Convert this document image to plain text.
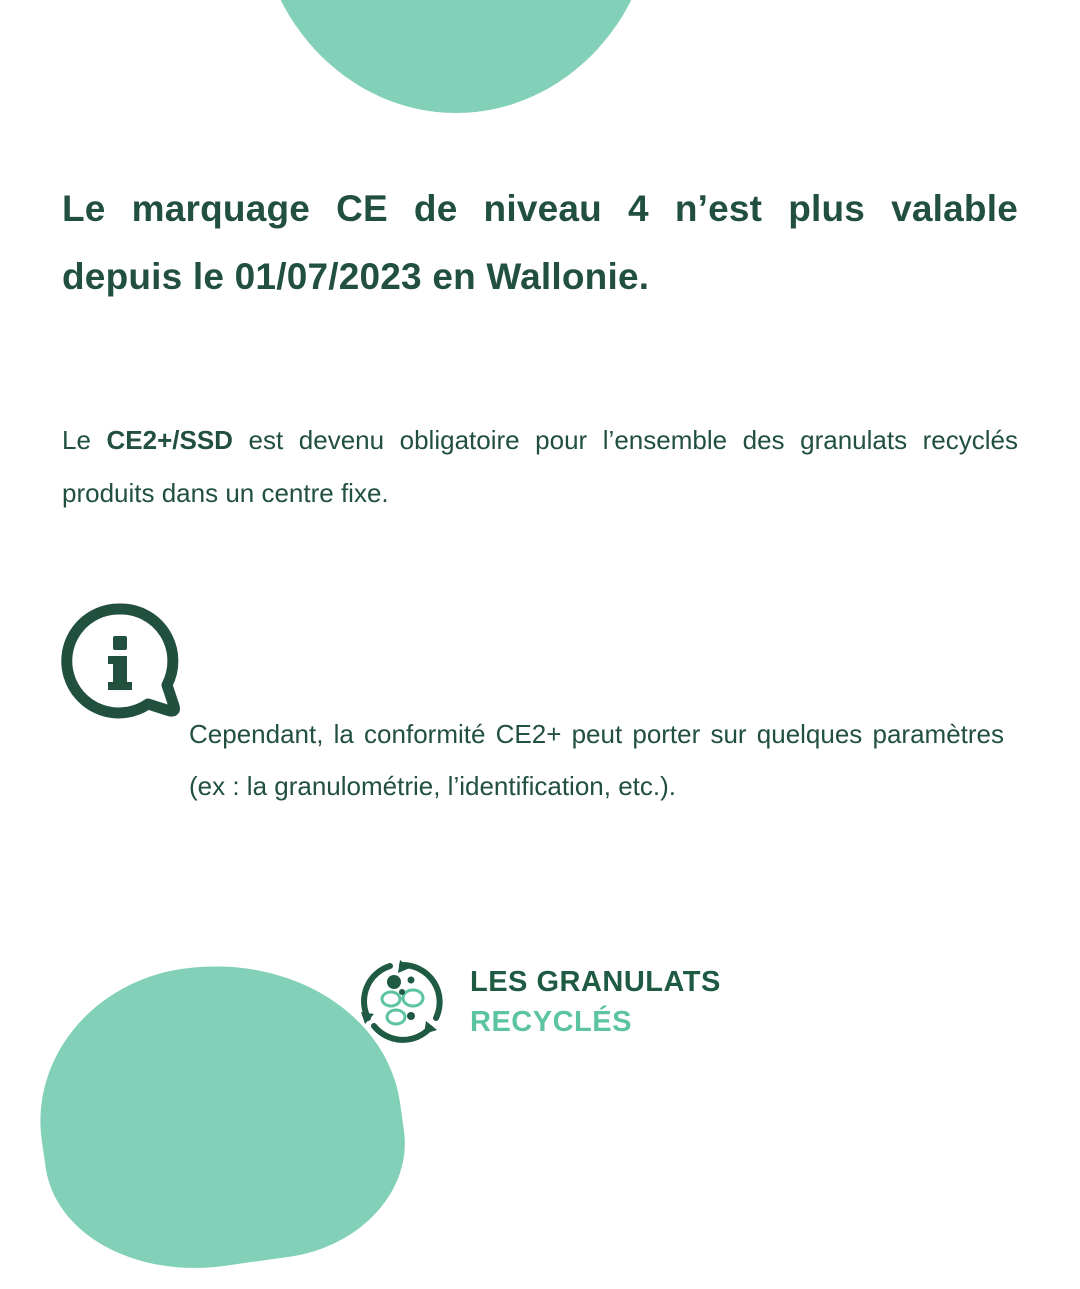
Le marquage CE de niveau 4 n’est plus valable depuis le 01/07/2023 en Wallonie.

Le CE2+/SSD est devenu obligatoire pour l’ensemble des granulats recyclés produits dans un centre fixe.

Cependant, la conformité CE2+ peut porter sur quelques paramètres (ex : la granulométrie, l’identification, etc.).

LES GRANULATS
RECYCLÉS
